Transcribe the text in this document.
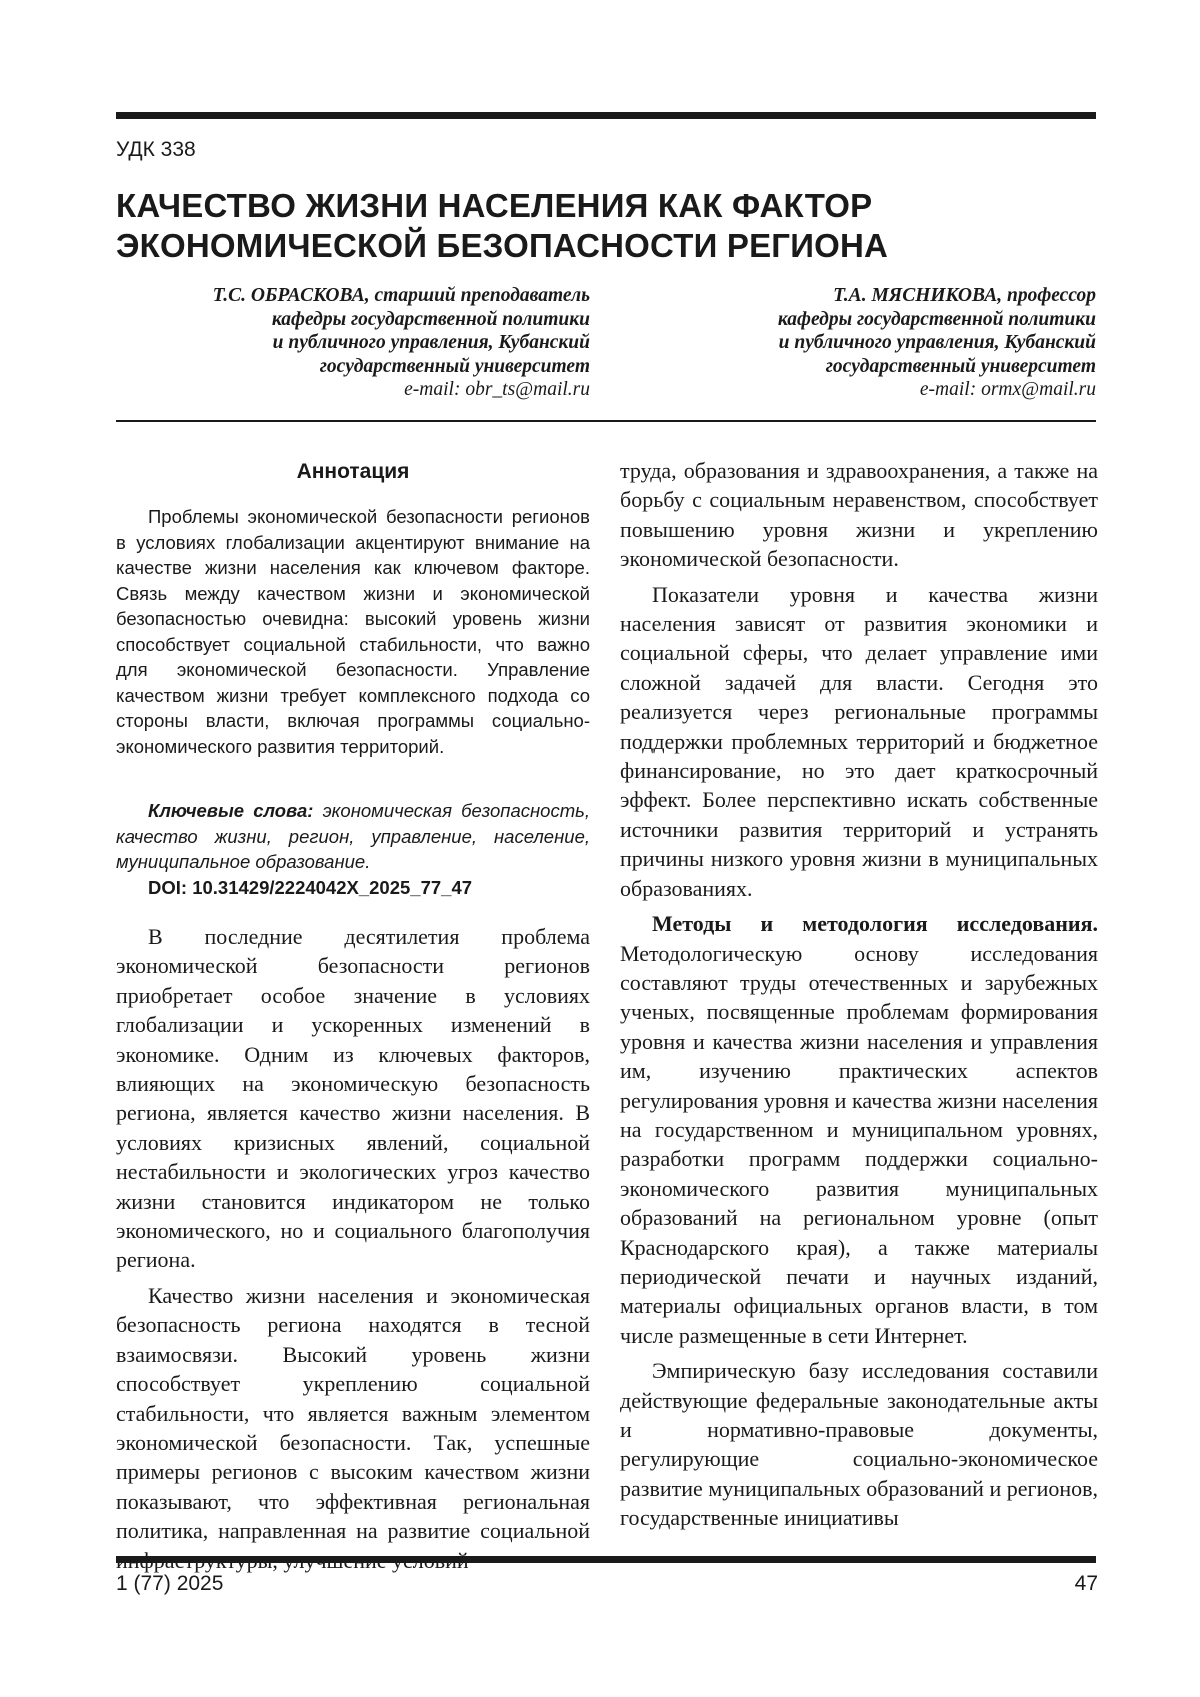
УДК 338
КАЧЕСТВО ЖИЗНИ НАСЕЛЕНИЯ КАК ФАКТОР
ЭКОНОМИЧЕСКОЙ БЕЗОПАСНОСТИ РЕГИОНА
Т.С. ОБРАСКОВА, старший преподаватель
кафедры государственной политики
и публичного управления, Кубанский
государственный университет
e-mail: obr_ts@mail.ru
Т.А. МЯСНИКОВА, профессор
кафедры государственной политики
и публичного управления, Кубанский
государственный университет
e-mail: ormx@mail.ru
Аннотация

Проблемы экономической безопасности регионов в условиях глобализации акцентируют внимание на качестве жизни населения как ключевом факторе. Связь между качеством жизни и экономической безопасностью очевидна: высокий уровень жизни способствует социальной стабильности, что важно для экономической безопасности. Управление качеством жизни требует комплексного подхода со стороны власти, включая программы социально-экономического развития территорий.

Ключевые слова: экономическая безопасность, качество жизни, регион, управление, население, муниципальное образование.

DOI: 10.31429/2224042X_2025_77_47

В последние десятилетия проблема экономической безопасности регионов приобретает особое значение в условиях глобализации и ускоренных изменений в экономике. Одним из ключевых факторов, влияющих на экономическую безопасность региона, является качество жизни населения. В условиях кризисных явлений, социальной нестабильности и экологических угроз качество жизни становится индикатором не только экономического, но и социального благополучия региона.

Качество жизни населения и экономическая безопасность региона находятся в тесной взаимосвязи. Высокий уровень жизни способствует укреплению социальной стабильности, что является важным элементом экономической безопасности. Так, успешные примеры регионов с высоким качеством жизни показывают, что эффективная региональная политика, направленная на развитие социальной

труда, образования и здравоохранения, а также на борьбу с социальным неравенством, способствует повышению уровня жизни и укреплению экономической безопасности.

Показатели уровня и качества жизни населения зависят от развития экономики и социальной сферы, что делает управление ими сложной задачей для власти. Сегодня это реализуется через региональные программы поддержки проблемных территорий и бюджетное финансирование, но это дает краткосрочный эффект. Более перспективно искать собственные источники развития территорий и устранять причины низкого уровня жизни в муниципальных образованиях.

Методы и методология исследования. Методологическую основу исследования составляют труды отечественных и зарубежных ученых, посвященные проблемам формирования уровня и качества жизни населения и управления им, изучению практических аспектов регулирования уровня и качества жизни населения на государственном и муниципальном уровнях, разработки программ поддержки социально-экономического развития муниципальных образований на региональном уровне (опыт Краснодарского края), а также материалы периодической печати и научных изданий, материалы официальных органов власти, в том числе размещенные в сети Интернет.

Эмпирическую базу исследования составили действующие федеральные законодательные акты и нормативно-правовые документы, регулирующие социально-экономическое развитие муниципальных образований и регионов, государственные инициативы

1 (77) 2025	47
